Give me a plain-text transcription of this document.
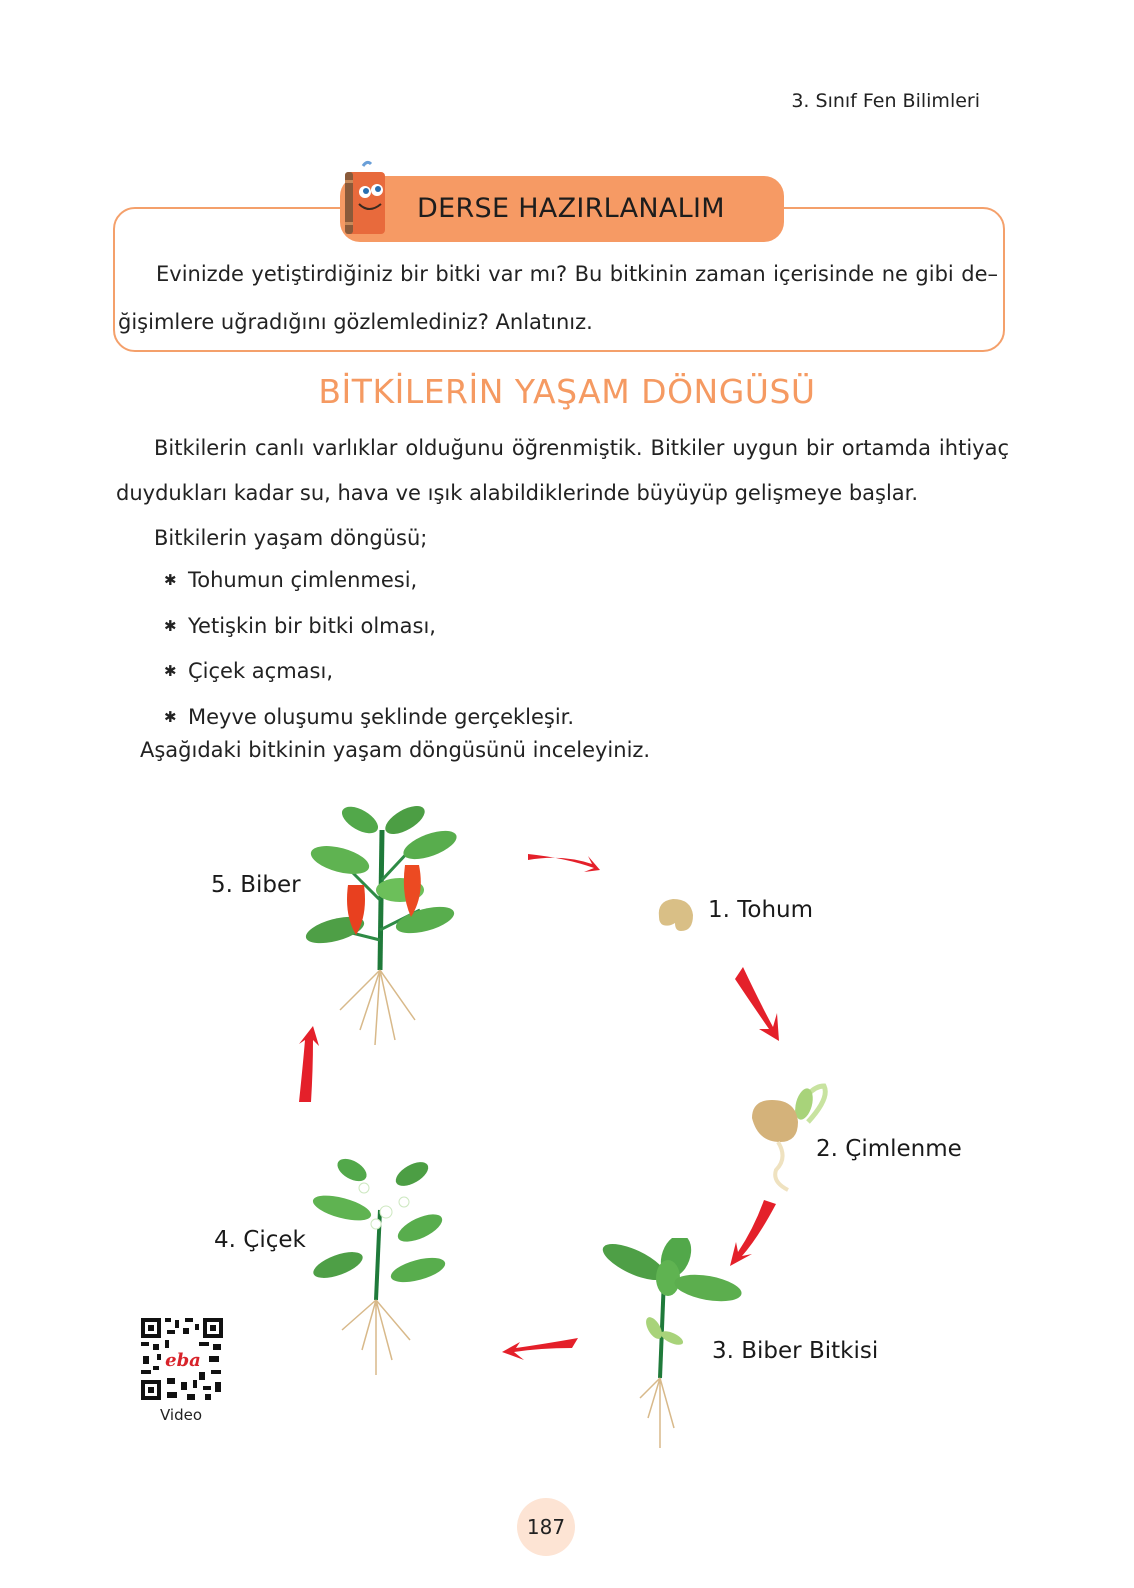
3. Sınıf Fen Bilimleri
DERSE HAZIRLANALIM

Evinizde yetiştirdiğiniz bir bitki var mı? Bu bitkinin zaman içerisinde ne gibi de–

ğişimlere uğradığını gözlemlediniz? Anlatınız.

BİTKİLERİN YAŞAM DÖNGÜSÜ

Bitkilerin canlı varlıklar olduğunu öğrenmiştik. Bitkiler uygun bir ortamda ihtiyaç

duydukları kadar su, hava ve ışık alabildiklerinde büyüyüp gelişmeye başlar.

Bitkilerin yaşam döngüsü;

✱ Tohumun çimlenmesi,
✱ Yetişkin bir bitki olması,
✱ Çiçek açması,
✱ Meyve oluşumu şeklinde gerçekleşir.
Aşağıdaki bitkinin yaşam döngüsünü inceleyiniz.
5. Biber
1. Tohum
2. Çimlenme
3. Biber Bitkisi
4. Çiçek
eba
Video
187
